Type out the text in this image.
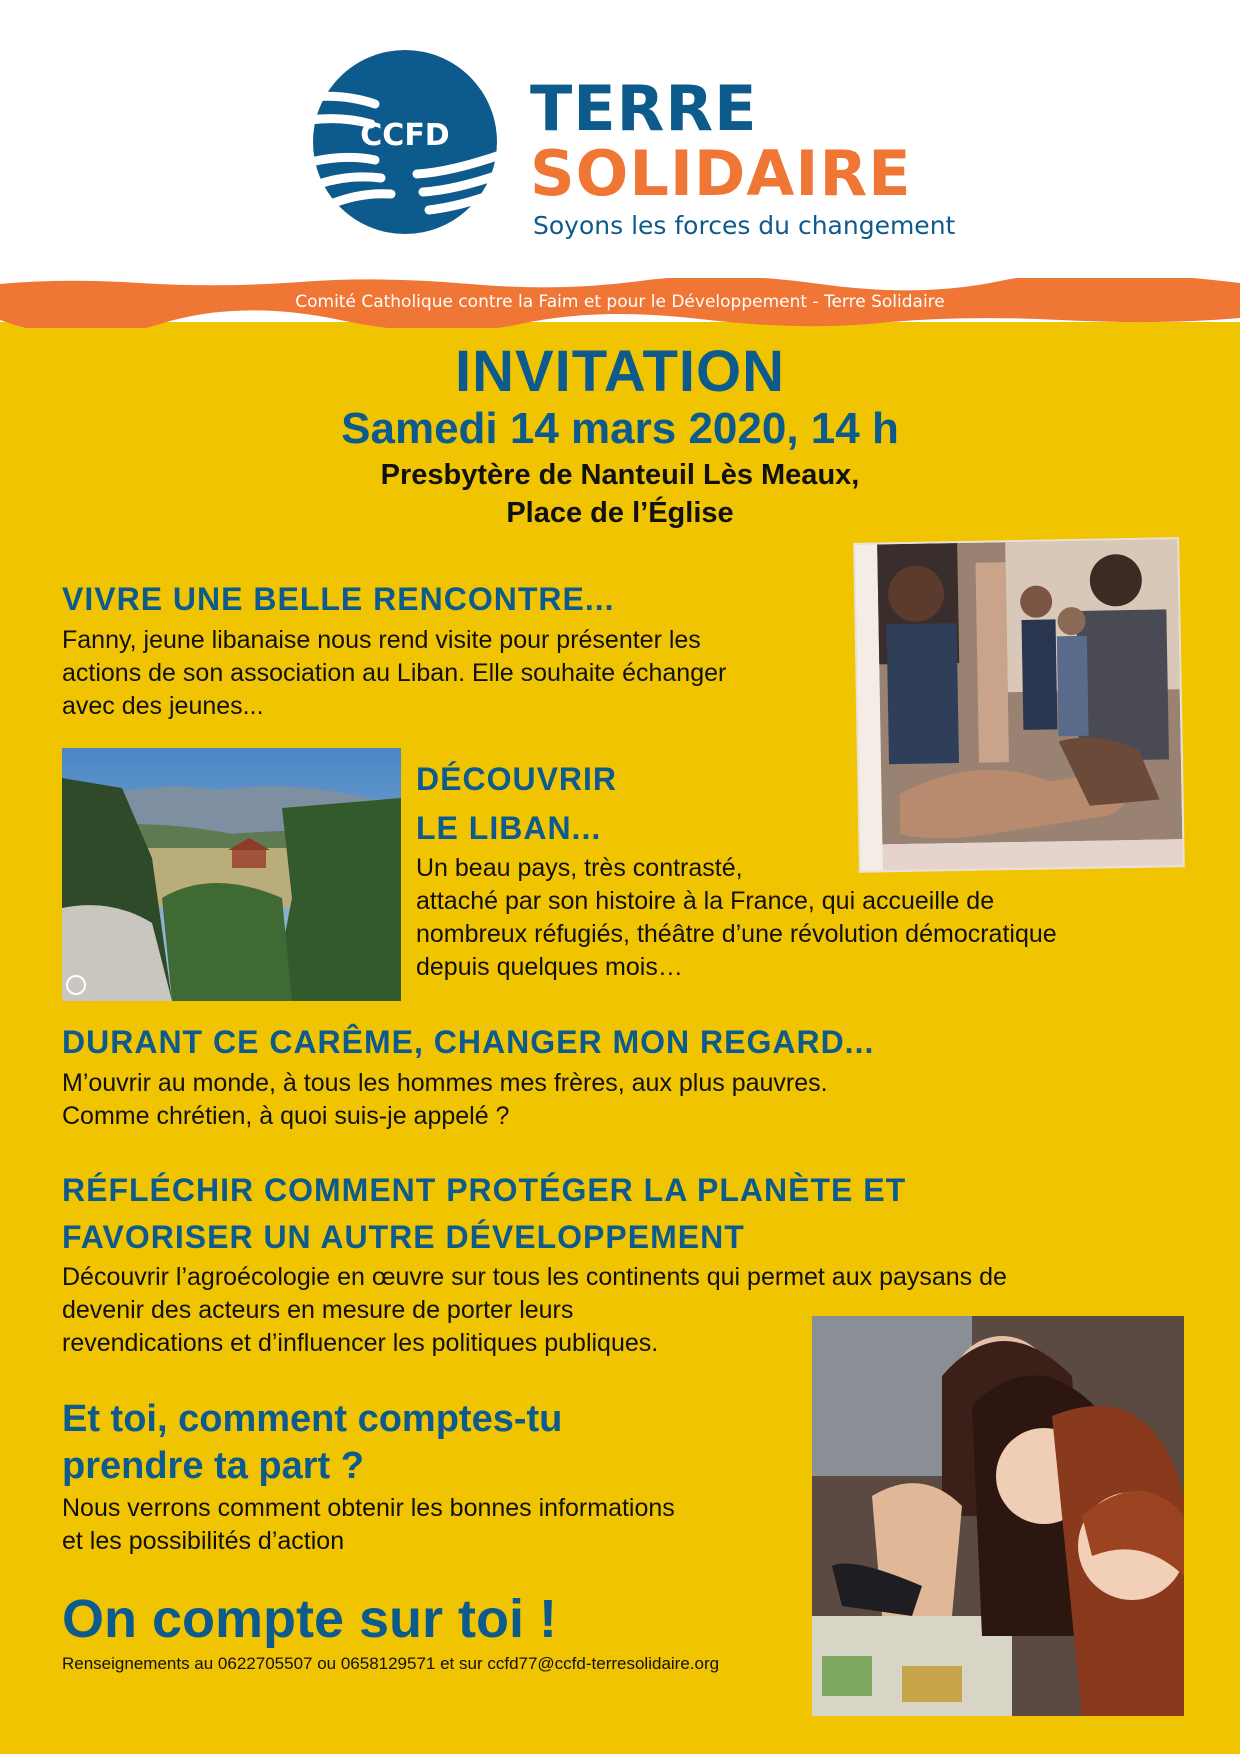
CCFD TERRE
SOLIDAIRE
Soyons les forces du changement
Comité Catholique contre la Faim et pour le Développement - Terre Solidaire
INVITATION
Samedi 14 mars 2020, 14 h
Presbytère de Nanteuil Lès Meaux,
Place de l’Église
VIVRE UNE BELLE RENCONTRE...
Fanny, jeune libanaise nous rend visite pour présenter les
actions de son association au Liban. Elle souhaite échanger
avec des jeunes...
DÉCOUVRIR
LE LIBAN...
Un beau pays, très contrasté,
attaché par son histoire à la France, qui accueille de
nombreux réfugiés, théâtre d’une révolution démocratique
depuis quelques mois…
DURANT CE CARÊME, CHANGER MON REGARD...
M’ouvrir au monde, à tous les hommes mes frères, aux plus pauvres.
Comme chrétien, à quoi suis-je appelé ?
RÉFLÉCHIR COMMENT PROTÉGER LA PLANÈTE ET
FAVORISER UN AUTRE DÉVELOPPEMENT
Découvrir l’agroécologie en œuvre sur tous les continents qui permet aux paysans de
devenir des acteurs en mesure de porter leurs
revendications et d’influencer les politiques publiques.
Et toi, comment comptes-tu
prendre ta part ?
Nous verrons comment obtenir les bonnes informations
et les possibilités d’action
On compte sur toi !
Renseignements au 0622705507 ou 0658129571 et sur ccfd77@ccfd-terresolidaire.org
